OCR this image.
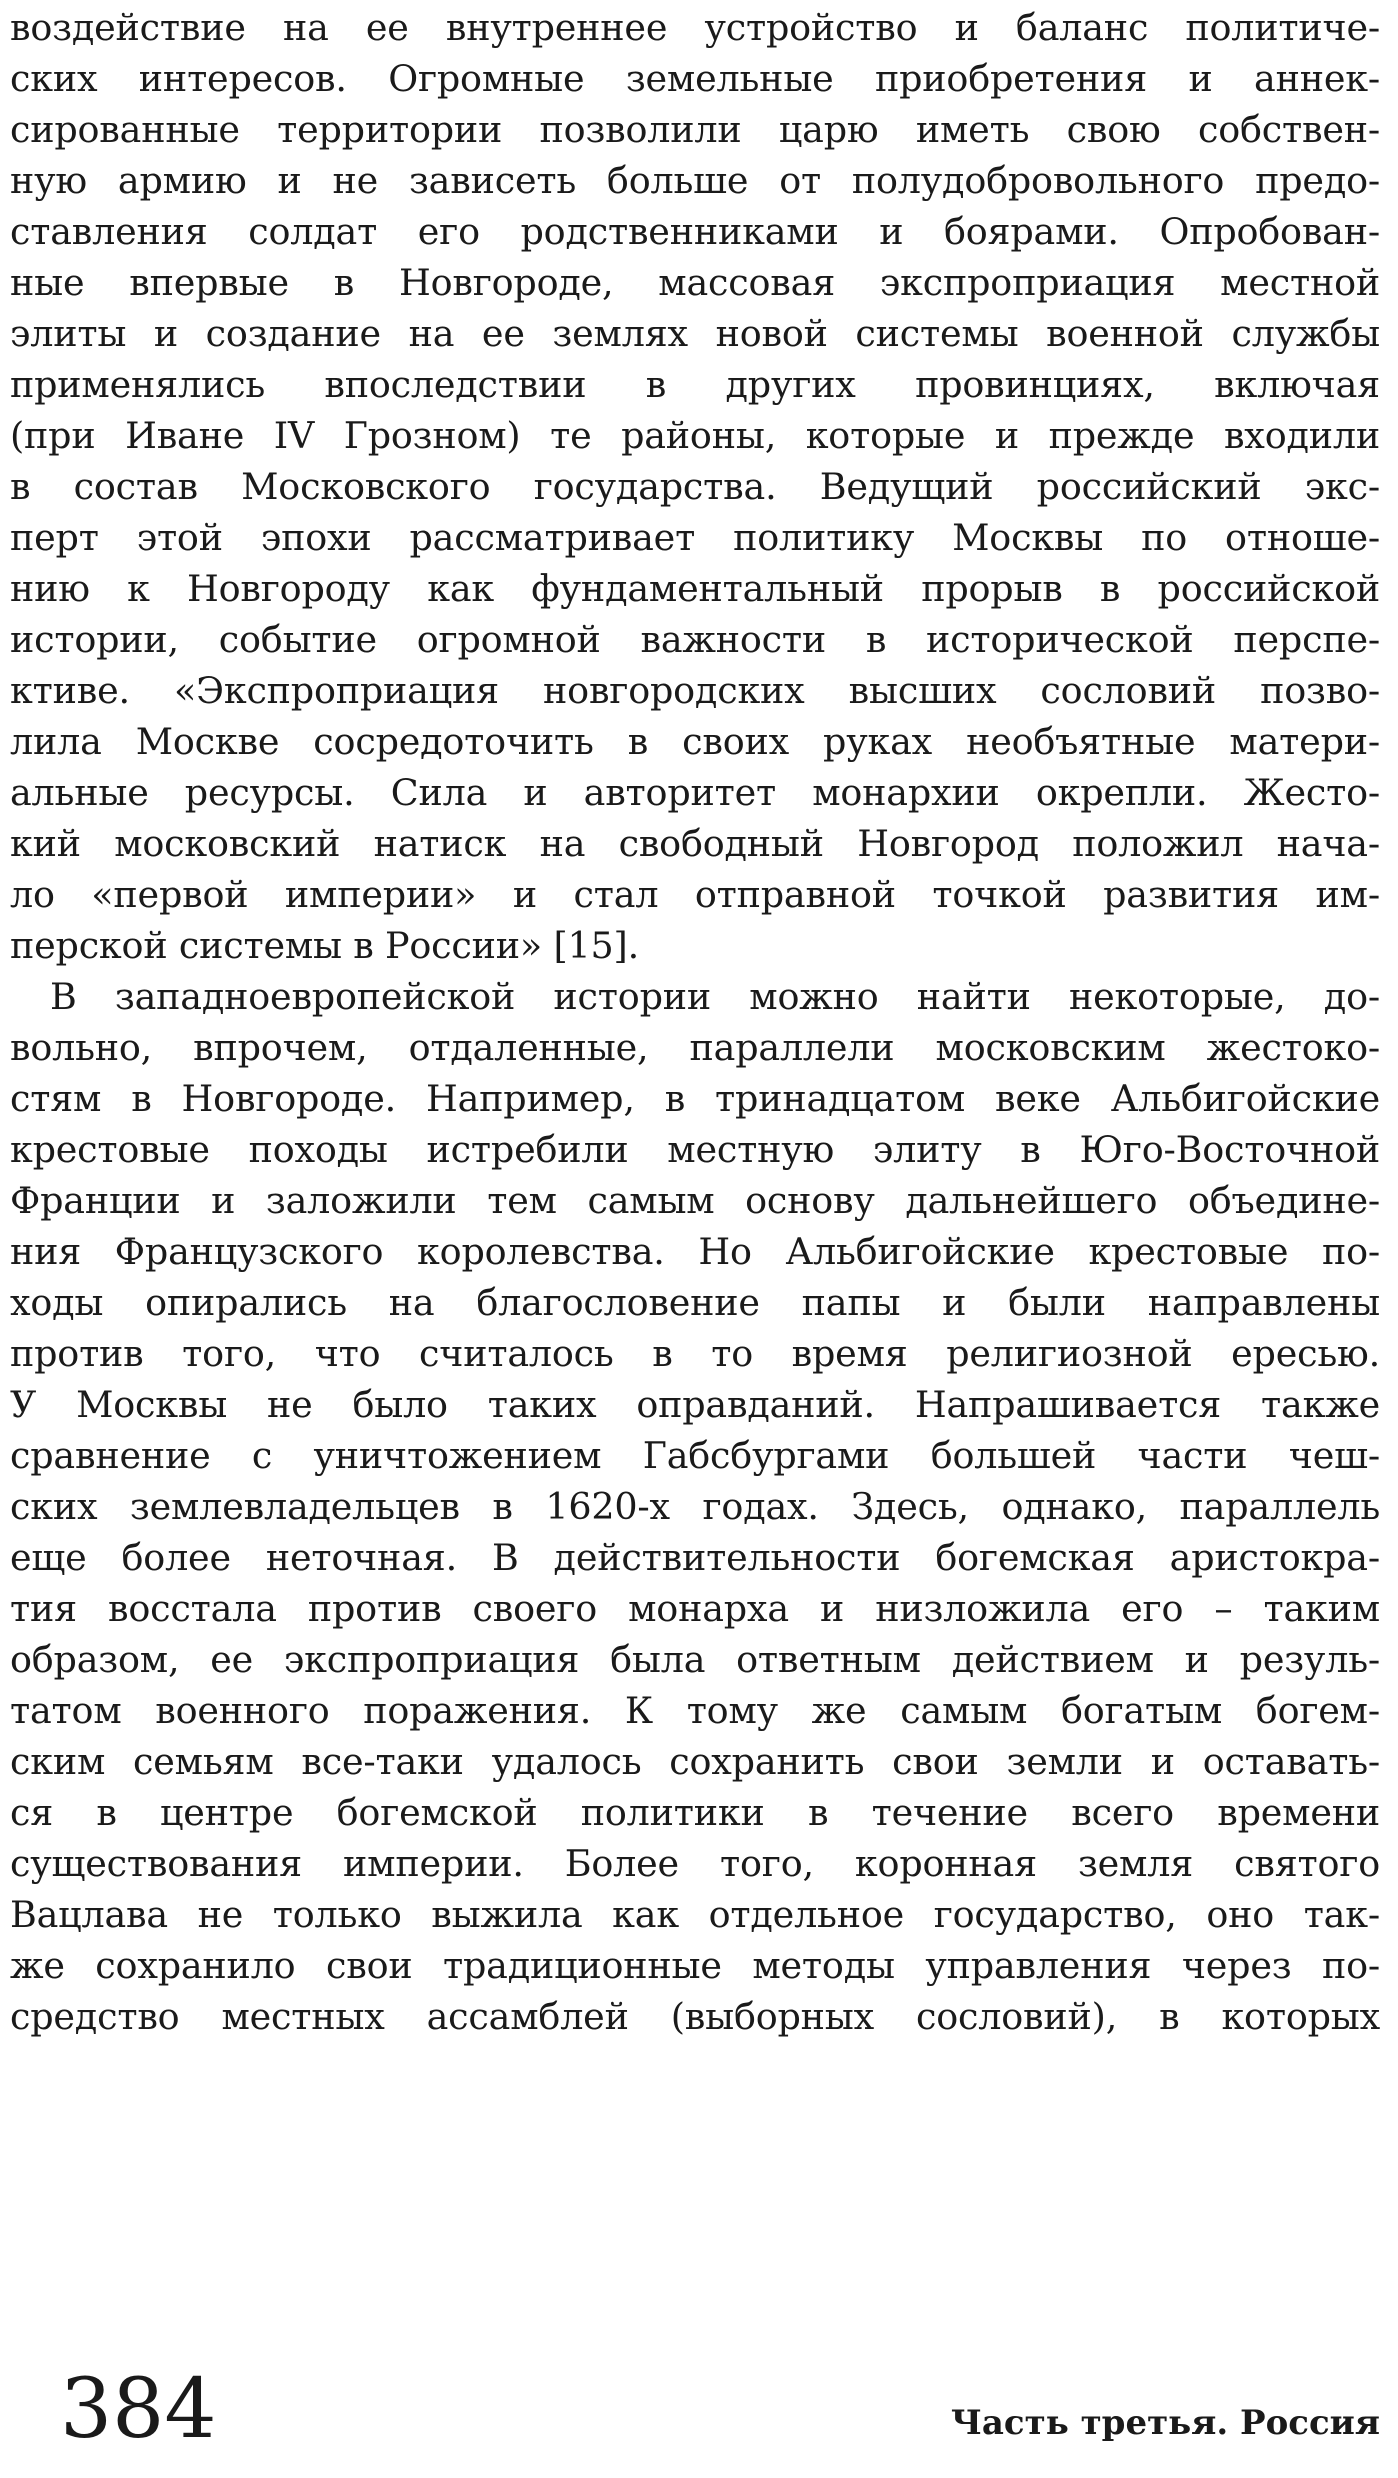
воздействие на ее внутреннее устройство и баланс политиче-
ских интересов. Огромные земельные приобретения и аннек-
сированные территории позволили царю иметь свою собствен-
ную армию и не зависеть больше от полудобровольного предо-
ставления солдат его родственниками и боярами. Опробован-
ные впервые в Новгороде, массовая экспроприация местной
элиты и создание на ее землях новой системы военной службы
применялись впоследствии в других провинциях, включая
(при Иване IV Грозном) те районы, которые и прежде входили
в состав Московского государства. Ведущий российский экс-
перт этой эпохи рассматривает политику Москвы по отноше-
нию к Новгороду как фундаментальный прорыв в российской
истории, событие огромной важности в исторической перспе-
ктиве. «Экспроприация новгородских высших сословий позво-
лила Москве сосредоточить в своих руках необъятные матери-
альные ресурсы. Сила и авторитет монархии окрепли. Жесто-
кий московский натиск на свободный Новгород положил нача-
ло «первой империи» и стал отправной точкой развития им-
перской системы в России» [15].
В западноевропейской истории можно найти некоторые, до-
вольно, впрочем, отдаленные, параллели московским жестоко-
стям в Новгороде. Например, в тринадцатом веке Альбигойские
крестовые походы истребили местную элиту в Юго-Восточной
Франции и заложили тем самым основу дальнейшего объедине-
ния Французского королевства. Но Альбигойские крестовые по-
ходы опирались на благословение папы и были направлены
против того, что считалось в то время религиозной ересью.
У Москвы не было таких оправданий. Напрашивается также
сравнение с уничтожением Габсбургами большей части чеш-
ских землевладельцев в 1620-х годах. Здесь, однако, параллель
еще более неточная. В действительности богемская аристокра-
тия восстала против своего монарха и низложила его – таким
образом, ее экспроприация была ответным действием и резуль-
татом военного поражения. К тому же самым богатым богем-
ским семьям все-таки удалось сохранить свои земли и оставать-
ся в центре богемской политики в течение всего времени
существования империи. Более того, коронная земля святого
Вацлава не только выжила как отдельное государство, оно так-
же сохранило свои традиционные методы управления через по-
средство местных ассамблей (выборных сословий), в которых
384	Часть третья. Россия
